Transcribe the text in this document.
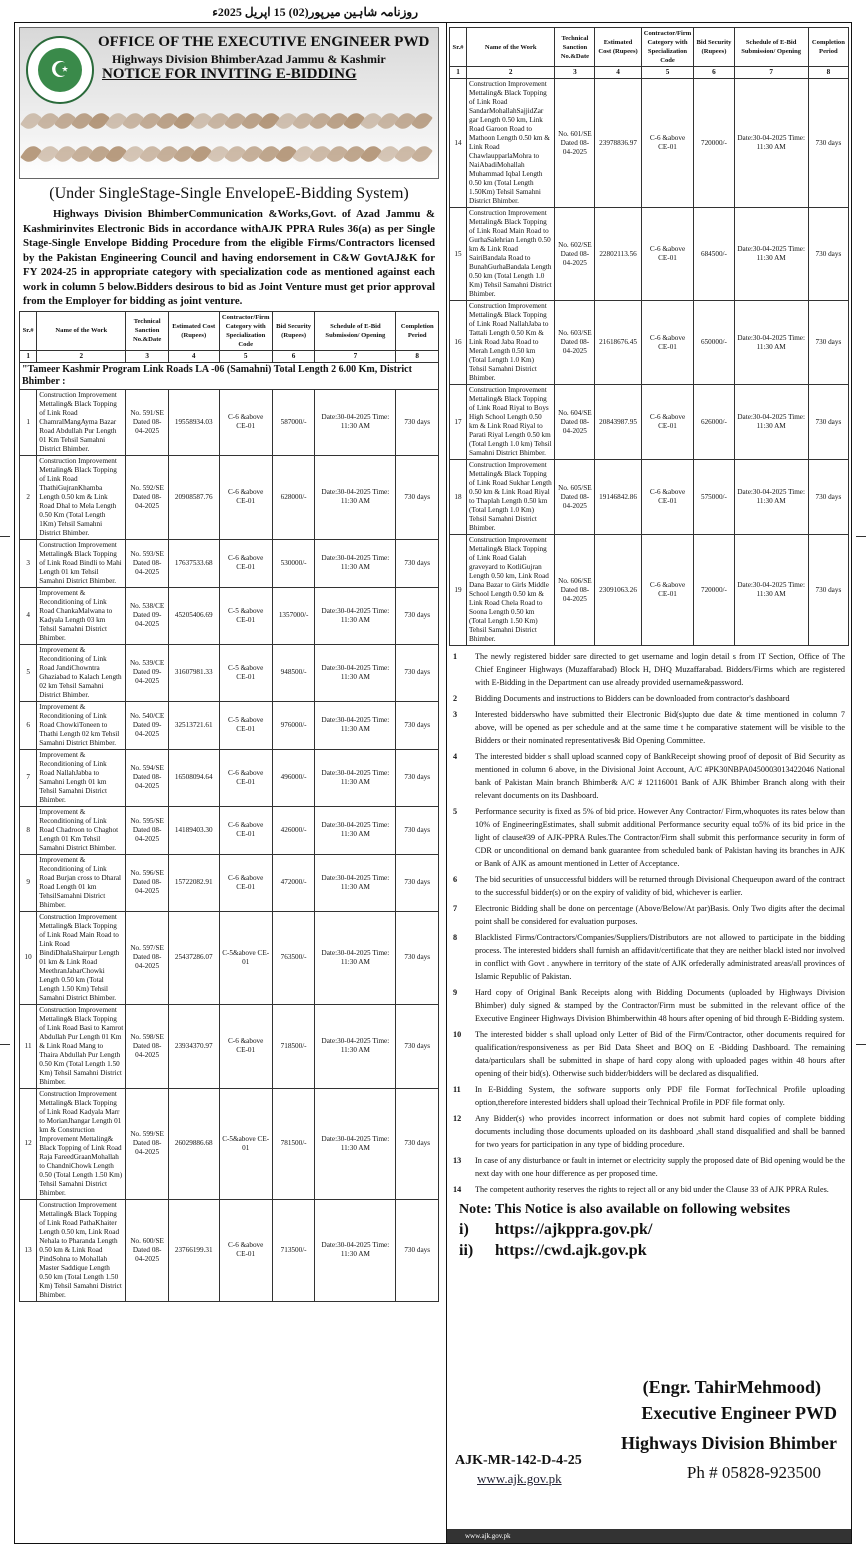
روزنامہ شاہین میرپور(02) 15 اپریل 2025ء
☪
OFFICE OF THE EXECUTIVE ENGINEER PWD
Highways Division BhimberAzad Jammu & Kashmir
NOTICE FOR INVITING E-BIDDING
(Under SingleStage-Single EnvelopeE-Bidding System)
Highways Division BhimberCommunication &Works,Govt. of Azad Jammu & Kashmirinvites Electronic Bids in accordance withAJK PPRA Rules 36(a) as per Single Stage-Single Envelope Bidding Procedure from the eligible Firms/Contractors licensed by the Pakistan Engineering Council and having endorsement in C&W GovtAJ&K for FY 2024-25 in appropriate category with specialization code as mentioned against each work in column 5 below.Bidders desirous to bid as Joint Venture must get prior approval from the Employer for bidding as joint venture.
Sr.#	Name of the Work	Technical Sanction No.&Date	Estimated Cost (Rupees)	Contractor/Firm Category with Specialization Code	Bid Security (Rupees)	Schedule of E-Bid Submission/ Opening	Completion Period
1	2	3	4	5	6	7	8
"Tameer Kashmir Program Link Roads LA -06 (Samahni) Total Length 2 6.00 Km, District Bhimber :							
1	Construction Improvement Mettaling& Black Topping of Link Road ChamralMangAyma Bazar Road Abdullah Pur Length 01 Km Tehsil Samahni District Bhimber.	No. 591/SE Dated 08-04-2025	19558934.03	C-6 &above CE-01	587000/-	Date:30-04-2025 Time: 11:30 AM	730 days
2	Construction Improvement Mettaling& Black Topping of Link Road ThathiGujranKhamba Length 0.50 km & Link Road Dhal to Mela Length 0.50 Km (Total Length 1Km) Tehsil Samahni District Bhimber.	No. 592/SE Dated 08-04-2025	20908587.76	C-6 &above CE-01	628000/-	Date:30-04-2025 Time: 11:30 AM	730 days
3	Construction Improvement Mettaling& Black Topping of Link Road Bindli to Mahi Length 01 km Tehsil Samahni District Bhimber.	No. 593/SE Dated 08-04-2025	17637533.68	C-6 &above CE-01	530000/-	Date:30-04-2025 Time: 11:30 AM	730 days
4	Improvement & Reconditioning of Link Road ChankaMalwana to Kadyala Length 03 km Tehsil Samahni District Bhimber.	No. 538/CE Dated 09-04-2025	45205406.69	C-5 &above CE-01	1357000/-	Date:30-04-2025 Time: 11:30 AM	730 days
5	Improvement & Reconditioning of Link Road JandiChowntra Ghaziabad to Kalach Length 02 km Tehsil Samahni District Bhimber.	No. 539/CE Dated 09-04-2025	31607981.33	C-5 &above CE-01	948500/-	Date:30-04-2025 Time: 11:30 AM	730 days
6	Improvement & Reconditioning of Link Road ChowkiToneen to Thathi Length 02 km Tehsil Samahni District Bhimber.	No. 540/CE Dated 09-04-2025	32513721.61	C-5 &above CE-01	976000/-	Date:30-04-2025 Time: 11:30 AM	730 days
7	Improvement & Reconditioning of Link Road NallahJabba to Samahni Length 01 km Tehsil Samahni District Bhimber.	No. 594/SE Dated 08-04-2025	16508094.64	C-6 &above CE-01	496000/-	Date:30-04-2025 Time: 11:30 AM	730 days
8	Improvement & Reconditioning of Link Road Chadroon to Chaghot Length 01 Km Tehsil Samahni District Bhimber.	No. 595/SE Dated 08-04-2025	14189403.30	C-6 &above CE-01	426000/-	Date:30-04-2025 Time: 11:30 AM	730 days
9	Improvement & Reconditioning of Link Road Burjan cross to Dharal Road Length 01 km TehsilSamahni District Bhimber.	No. 596/SE Dated 08-04-2025	15722082.91	C-6 &above CE-01	472000/-	Date:30-04-2025 Time: 11:30 AM	730 days
10	Construction Improvement Mettaling& Black Topping of Link Road Main Road to Link Road BindiDhalaShairpur Length 01 km & Link Road MeethranJabarChowki Length 0.50 km (Total Length 1.50 Km) Tehsil Samahni District Bhimber.	No. 597/SE Dated 08-04-2025	25437286.07	C-5&above CE-01	763500/-	Date:30-04-2025 Time: 11:30 AM	730 days
11	Construction Improvement Mettaling& Black Topping of Link Road Basi to Kamrot Abdullah Pur Length 01 Km & Link Road Mang to Thaira Abdullah Pur Length 0.50 Km (Total Length 1.50 Km) Tehsil Samahni District Bhimber.	No. 598/SE Dated 08-04-2025	23934370.97	C-6 &above CE-01	718500/-	Date:30-04-2025 Time: 11:30 AM	730 days
12	Construction Improvement Mettaling& Black Topping of Link Road Kadyala Marr to MorianJhangar Length 01 km & Construction Improvement Mettaling& Black Topping of Link Road Raja FareedGraanMohallah to ChandniChowk Length 0.50 (Total Length 1.50 Km) Tehsil Samahni District Bhimber.	No. 599/SE Dated 08-04-2025	26029886.68	C-5&above CE-01	781500/-	Date:30-04-2025 Time: 11:30 AM	730 days
13	Construction Improvement Mettaling& Black Topping of Link Road PathaKhaiter Length 0.50 km, Link Road Nehala to Pharanda Length 0.50 km & Link Road PindSohna to Mohallah Master Saddique Length 0.50 km (Total Length 1.50 Km) Tehsil Samahni District Bhimber.	No. 600/SE Dated 08-04-2025	23766199.31	C-6 &above CE-01	713500/-	Date:30-04-2025 Time: 11:30 AM	730 days
Sr.#	Name of the Work	Technical Sanction No.&Date	Estimated Cost (Rupees)	Contractor/Firm Category with Specialization Code	Bid Security (Rupees)	Schedule of E-Bid Submission/ Opening	Completion Period
1	2	3	4	5	6	7	8
14	Construction Improvement Mettaling& Black Topping of Link Road SandarMohallahSajjidZar gar Length 0.50 km, Link Road Garoon Road to Mathoon Length 0.50 km & Link Road ChawlaupparlaMohra to NaiAbadiMohallah Muhammad Iqbal Length 0.50 km (Total Length 1.50Km) Tehsil Samahni District Bhimber.	No. 601/SE Dated 08-04-2025	23978836.97	C-6 &above CE-01	720000/-	Date:30-04-2025 Time: 11:30 AM	730 days
15	Construction Improvement Mettaling& Black Topping of Link Road Main Road to GurhaSalehrian Length 0.50 km & Link Road SairiBandala Road to BunahGurhaBandala Length 0.50 km (Total Length 1.0 Km) Tehsil Samahni District Bhimber.	No. 602/SE Dated 08-04-2025	22802113.56	C-6 &above CE-01	684500/-	Date:30-04-2025 Time: 11:30 AM	730 days
16	Construction Improvement Mettaling& Black Topping of Link Road NallahJaba to Tattali Length 0.50 Km & Link Road Jaba Road to Merah Length 0.50 km (Total Length 1.0 Km) Tehsil Samahni District Bhimber.	No. 603/SE Dated 08-04-2025	21618676.45	C-6 &above CE-01	650000/-	Date:30-04-2025 Time: 11:30 AM	730 days
17	Construction Improvement Mettaling& Black Topping of Link Road Riyal to Boys High School Length 0.50 km & Link Road Riyal to Parati Riyal Length 0.50 km (Total Length 1.0 km) Tehsil Samahni District Bhimber.	No. 604/SE Dated 08-04-2025	20843987.95	C-6 &above CE-01	626000/-	Date:30-04-2025 Time: 11:30 AM	730 days
18	Construction Improvement Mettaling& Black Topping of Link Road Sukhar Length 0.50 km & Link Road Riyal to Thaplah Length 0.50 km (Total Length 1.0 Km) Tehsil Samahni District Bhimber.	No. 605/SE Dated 08-04-2025	19146842.86	C-6 &above CE-01	575000/-	Date:30-04-2025 Time: 11:30 AM	730 days
19	Construction Improvement Mettaling& Black Topping of Link Road Galah graveyard to KotliGujran Length 0.50 km, Link Road Dana Bazar to Girls Middle School Length 0.50 km & Link Road Chela Road to Soona Length 0.50 km (Total Length 1.50 Km) Tehsil Samahni District Bhimber.	No. 606/SE Dated 08-04-2025	23091063.26	C-6 &above CE-01	720000/-	Date:30-04-2025 Time: 11:30 AM	730 days
1	The newly registered bidder sare directed to get username and login detail s from IT Section, Office of The Chief Engineer Highways (Muzaffarabad) Block H, DHQ Muzaffarabad. Bidders/Firms which are registered with E-Bidding in the Department can use already provided username&password.
2	Bidding Documents and instructions to Bidders can be downloaded from contractor's dashboard
3	Interested bidderswho have submitted their Electronic Bid(s)upto due date & time mentioned in column 7 above, will be opened as per schedule and at the same time t he comparative statement will be visible to the Bidders or their nominated representatives& Bid Opening Committee.
4	The interested bidder s shall upload scanned copy of BankReceipt showing proof of deposit of Bid Security as mentioned in column 6 above, in the Divisional Joint Account, A/C #PK30NBPA0450003013422046 National bank of Pakistan Main branch Bhimber& A/C # 12116001 Bank of AJK Bhimber Branch along with their relevant documents on its Dashboard.
5	Performance security is fixed as 5% of bid price. However Any Contractor/ Firm,whoquotes its rates below than 10% of EngineeringEstimates, shall submit additional Performance security equal to5% of its bid price in the light of clause#39 of AJK-PPRA Rules.The Contractor/Firm shall submit this performance security in form of CDR or unconditional on demand bank guarantee from scheduled bank of Pakistan having its branches in AJK or Bank of AJK as amount mentioned in Letter of Acceptance.
6	The bid securities of unsuccessful bidders will be returned through Divisional Chequeupon award of the contract to the successful bidder(s) or on the expiry of validity of bid, whichever is earlier.
7	Electronic Bidding shall be done on percentage (Above/Below/At par)Basis. Only Two digits after the decimal point shall be considered for evaluation purposes.
8	Blacklisted Firms/Contractors/Companies/Suppliers/Distributors are not allowed to participate in the bidding process. The interested bidders shall furnish an affidavit/certificate that they are neither blackl isted nor involved in conflict with Govt . anywhere in territory of the state of AJK orfederally administrated areas/all provinces of Islamic Republic of Pakistan.
9	Hard copy of Original Bank Receipts along with Bidding Documents (uploaded by Highways Division Bhimber) duly signed & stamped by the Contractor/Firm must be submitted in the relevant office of the Executive Engineer Highways Division Bhimberwithin 48 hours after opening of bid through E-Bidding system.
10	The interested bidder s shall upload only Letter of Bid of the Firm/Contractor, other documents required for qualification/responsiveness as per Bid Data Sheet and BOQ on E -Bidding Dashboard. The remaining data/particulars shall be submitted in shape of hard copy along with uploaded pages within 48 hours after opening of their bid(s). Otherwise such bidder/bidders will be declared as disqualified.
11	In E-Bidding System, the software supports only PDF file Format forTechnical Profile uploading option,therefore interested bidders shall upload their Technical Profile in PDF file format only.
12	Any Bidder(s) who provides incorrect information or does not submit hard copies of complete bidding documents including those documents uploaded on its dashboard ,shall stand disqualified and shall be banned for two years for participation in any type of bidding procedure.
13	In case of any disturbance or fault in internet or electricity supply the proposed date of Bid opening would be the next day with one hour difference as per proposed time.
14	The competent authority reserves the rights to reject all or any bid under the Clause 33 of AJK PPRA Rules.
Note: This Notice is also available on following websites
i)	https://ajkppra.gov.pk/
ii)	https://cwd.ajk.gov.pk
(Engr. TahirMehmood)
Executive Engineer PWD
Highways Division Bhimber
Ph # 05828-923500
AJK-MR-142-D-4-25
www.ajk.gov.pk
www.ajk.gov.pk
